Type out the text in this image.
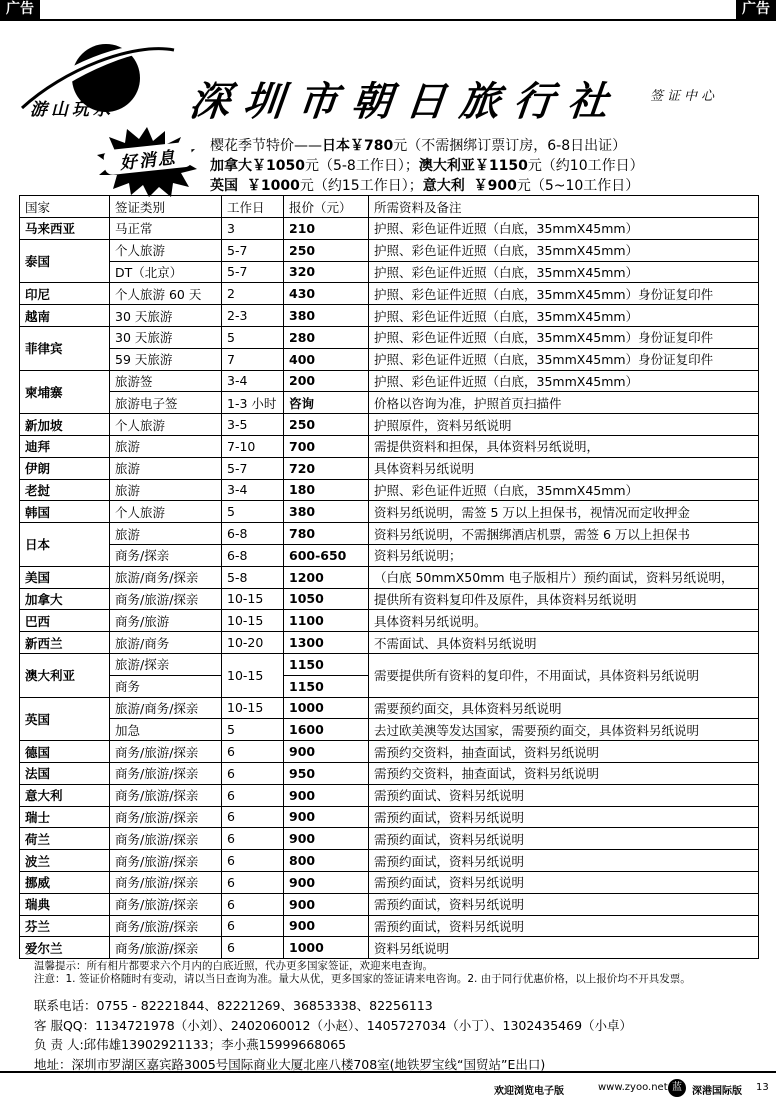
广告	广告
游山玩水 深圳市朝日旅行社 签证中心
好消息
樱花季节特价——日本￥780元（不需捆绑订票订房，6-8日出证）
加拿大￥1050元（5-8工作日）；澳大利亚￥1150元（约10工作日）
英国 ￥1000元（约15工作日）；意大利 ￥900元（5~10工作日）
国家	签证类别	工作日	报价（元）	所需资料及备注
马来西亚	马正常	3	210	护照、彩色证件近照（白底，35mmX45mm）
泰国	个人旅游	5-7	250	护照、彩色证件近照（白底，35mmX45mm）
	DT（北京）	5-7	320	护照、彩色证件近照（白底，35mmX45mm）
印尼	个人旅游 60 天	2	430	护照、彩色证件近照（白底，35mmX45mm）身份证复印件
越南	30 天旅游	2-3	380	护照、彩色证件近照（白底，35mmX45mm）
菲律宾	30 天旅游	5	280	护照、彩色证件近照（白底，35mmX45mm）身份证复印件
	59 天旅游	7	400	护照、彩色证件近照（白底，35mmX45mm）身份证复印件
柬埔寨	旅游签	3-4	200	护照、彩色证件近照（白底，35mmX45mm）
	旅游电子签	1-3 小时	咨询	价格以咨询为准，护照首页扫描件
新加坡	个人旅游	3-5	250	护照原件，资料另纸说明
迪拜	旅游	7-10	700	需提供资料和担保，具体资料另纸说明，
伊朗	旅游	5-7	720	具体资料另纸说明
老挝	旅游	3-4	180	护照、彩色证件近照（白底，35mmX45mm）
韩国	个人旅游	5	380	资料另纸说明，需签 5 万以上担保书，视情况而定收押金
日本	旅游	6-8	780	资料另纸说明，不需捆绑酒店机票，需签 6 万以上担保书
	商务/探亲	6-8	600-650	资料另纸说明；
美国	旅游/商务/探亲	5-8	1200	（白底 50mmX50mm 电子版相片）预约面试，资料另纸说明，
加拿大	商务/旅游/探亲	10-15	1050	提供所有资料复印件及原件，具体资料另纸说明
巴西	商务/旅游	10-15	1100	具体资料另纸说明。
新西兰	旅游/商务	10-20	1300	不需面试、具体资料另纸说明
澳大利亚	旅游/探亲	10-15	1150	需要提供所有资料的复印件，不用面试，具体资料另纸说明
	商务		1150	
英国	旅游/商务/探亲	10-15	1000	需要预约面交，具体资料另纸说明
	加急	5	1600	去过欧美澳等发达国家，需要预约面交，具体资料另纸说明
德国	商务/旅游/探亲	6	900	需预约交资料，抽查面试，资料另纸说明
法国	商务/旅游/探亲	6	950	需预约交资料，抽查面试，资料另纸说明
意大利	商务/旅游/探亲	6	900	需预约面试、资料另纸说明
瑞士	商务/旅游/探亲	6	900	需预约面试，资料另纸说明
荷兰	商务/旅游/探亲	6	900	需预约面试，资料另纸说明
波兰	商务/旅游/探亲	6	800	需预约面试，资料另纸说明
挪威	商务/旅游/探亲	6	900	需预约面试，资料另纸说明
瑞典	商务/旅游/探亲	6	900	需预约面试，资料另纸说明
芬兰	商务/旅游/探亲	6	900	需预约面试，资料另纸说明
爱尔兰	商务/旅游/探亲	6	1000	资料另纸说明
温馨提示：所有相片都要求六个月内的白底近照，代办更多国家签证，欢迎来电查询。
注意：1. 签证价格随时有变动，请以当日查询为准。量大从优，更多国家的签证请来电咨询。2. 由于同行优惠价格，以上报价均不开具发票。
联系电话：0755 - 82221844、82221269、36853338、82256113
客 服QQ：1134721978（小刘）、2402060012（小赵）、1405727034（小丁）、1302435469（小卓）
负 责 人:邱伟雄13902921133；李小燕15999668065
地址：深圳市罗湖区嘉宾路3005号国际商业大厦北座八楼708室(地铁罗宝线“国贸站”E出口)
欢迎浏览电子版	www.zyoo.net 蓝	深港国际版 13
